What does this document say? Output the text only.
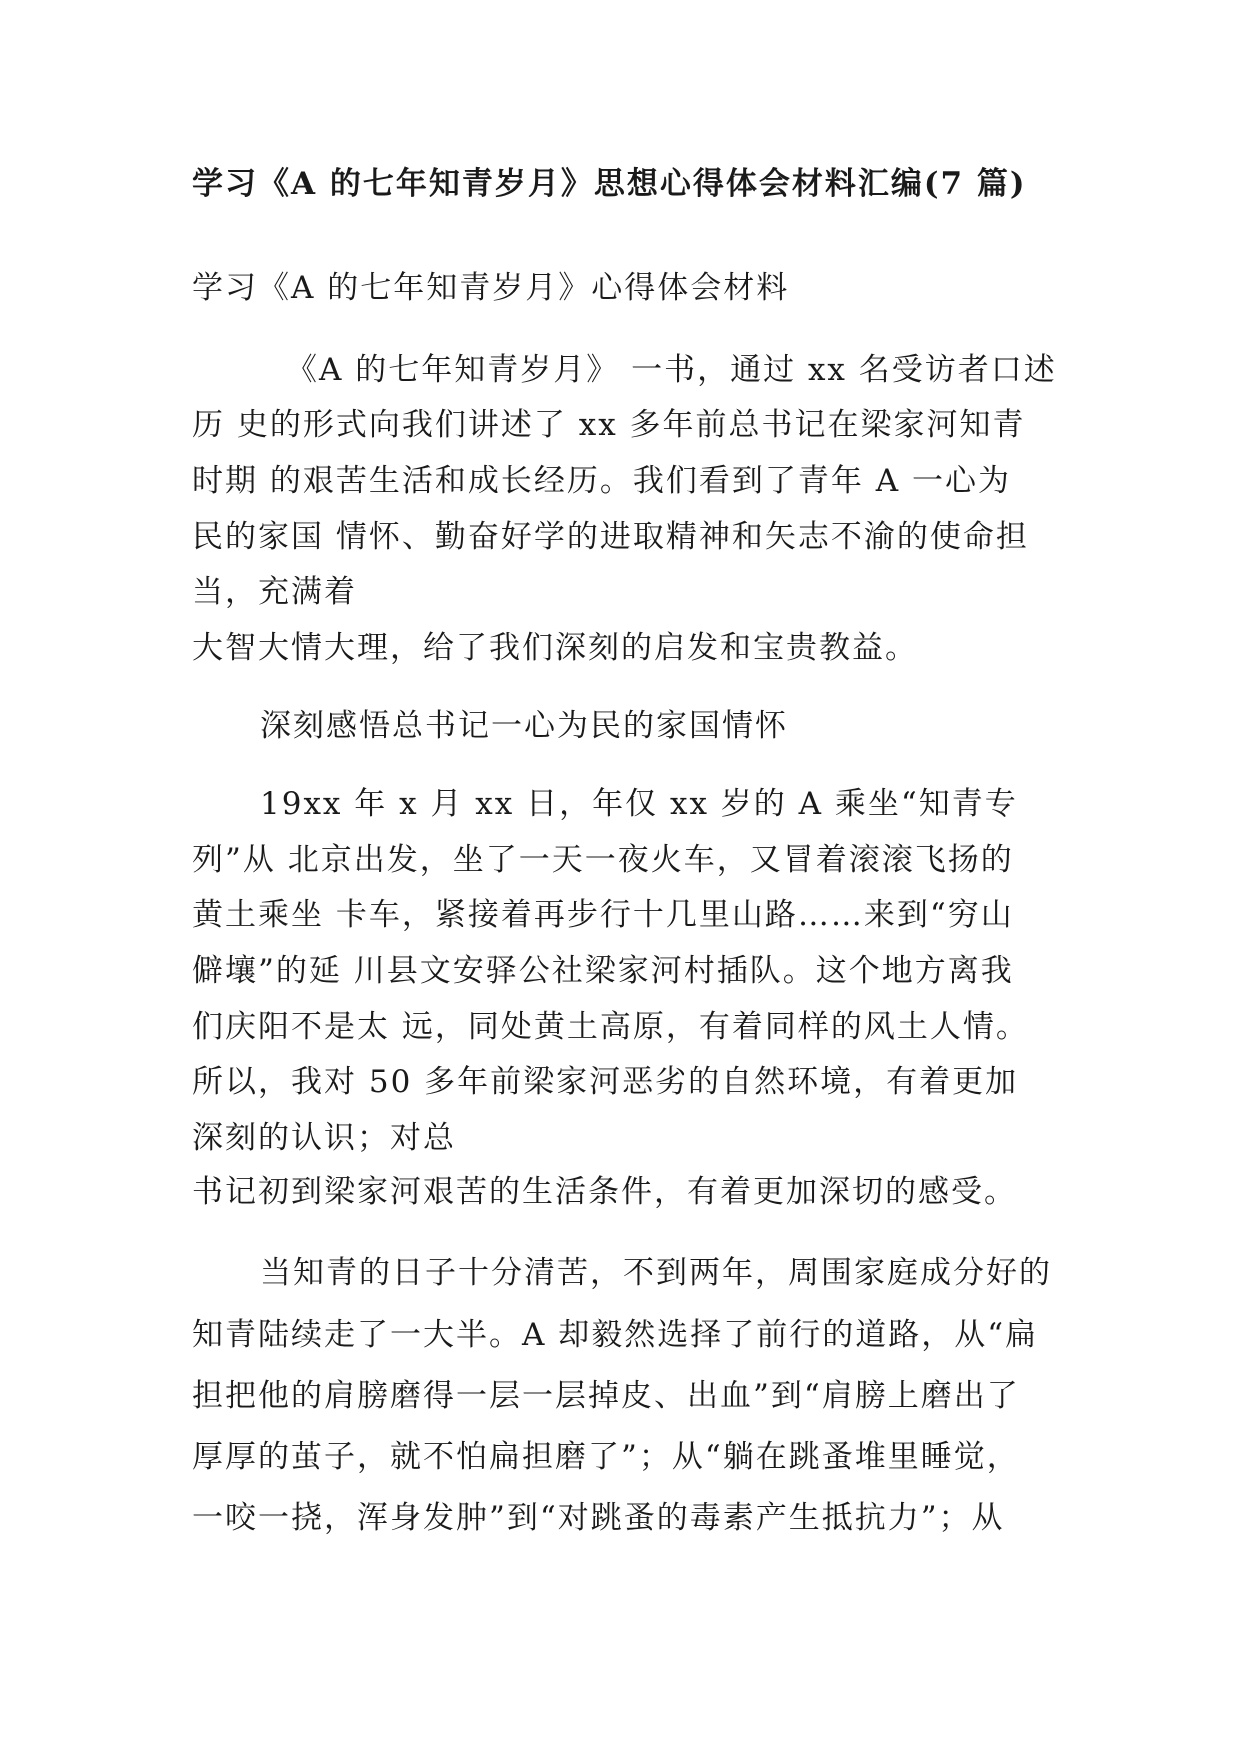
学习《A 的七年知青岁月》思想心得体会材料汇编(7 篇)
学习《A 的七年知青岁月》心得体会材料
《A 的七年知青岁月》 一书，通过 xx 名受访者口述
历 史的形式向我们讲述了 xx 多年前总书记在梁家河知青
时期 的艰苦生活和成长经历。我们看到了青年 A 一心为
民的家国 情怀、勤奋好学的进取精神和矢志不渝的使命担
当，充满着
大智大情大理，给了我们深刻的启发和宝贵教益。
深刻感悟总书记一心为民的家国情怀
19xx 年 x 月 xx 日，年仅 xx 岁的 A 乘坐“知青专
列”从 北京出发，坐了一天一夜火车，又冒着滚滚飞扬的
黄土乘坐 卡车，紧接着再步行十几里山路……来到“穷山
僻壤”的延 川县文安驿公社梁家河村插队。这个地方离我
们庆阳不是太 远，同处黄土高原，有着同样的风土人情。
所以，我对 50 多年前梁家河恶劣的自然环境，有着更加
深刻的认识；对总
书记初到梁家河艰苦的生活条件，有着更加深切的感受。
当知青的日子十分清苦，不到两年，周围家庭成分好的
知青陆续走了一大半。A 却毅然选择了前行的道路，从“扁
担把他的肩膀磨得一层一层掉皮、出血”到“肩膀上磨出了
厚厚的茧子，就不怕扁担磨了”；从“躺在跳蚤堆里睡觉，
一咬一挠，浑身发肿”到“对跳蚤的毒素产生抵抗力”；从
